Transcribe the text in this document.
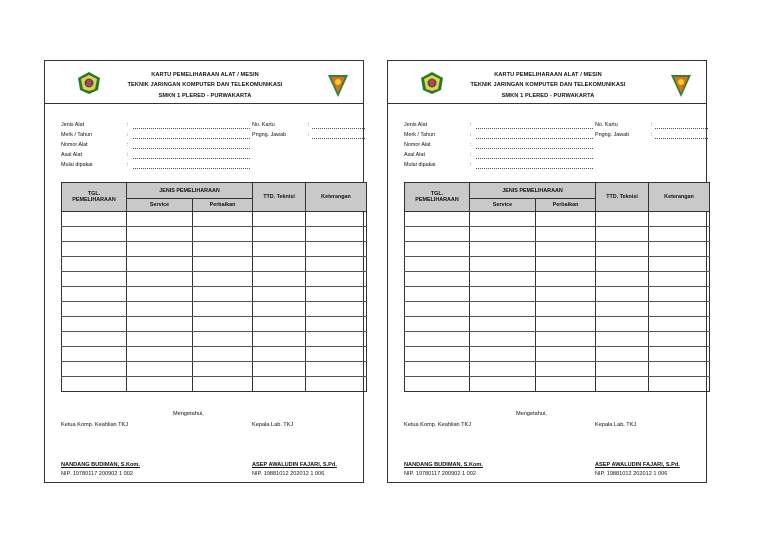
KARTU PEMELIHARAAN ALAT / MESIN
TEKNIK JARINGAN KOMPUTER DAN TELEKOMUNIKASI
SMKN 1 PLERED - PURWAKARTA
Jenis Alat	:
Merk / Tahun	:
Nomor Alat	:
Asal Alat	:
Mulai dipakai	:
No. Kartu	:
Pngng. Jawab	:
TGL.
PEMELIHARAAN	JENIS PEMELIHARAAN		TTD. Teknisi	Keterangan
	Service	Perbaikan		

Mengetahui,
Ketua Komp. Keahlian TKJ	Kepala Lab. TKJ
NANDANG BUDIMAN, S.Kom.
NIP. 19780117 200902 1 002
ASEP AWALUDIN FAJARI, S.Pd.
NIP. 19881012 202012 1 006
KARTU PEMELIHARAAN ALAT / MESIN
TEKNIK JARINGAN KOMPUTER DAN TELEKOMUNIKASI
SMKN 1 PLERED - PURWAKARTA
Jenis Alat	:
Merk / Tahun	:
Nomor Alat	:
Asal Alat	:
Mulai dipakai	:
No. Kartu	:
Pngng. Jawab	:
TGL.
PEMELIHARAAN	JENIS PEMELIHARAAN		TTD. Teknisi	Keterangan
	Service	Perbaikan		

Mengetahui,
Ketua Komp. Keahlian TKJ	Kepala Lab. TKJ
NANDANG BUDIMAN, S.Kom.
NIP. 19780117 200902 1 002
ASEP AWALUDIN FAJARI, S.Pd.
NIP. 19881012 202012 1 006
